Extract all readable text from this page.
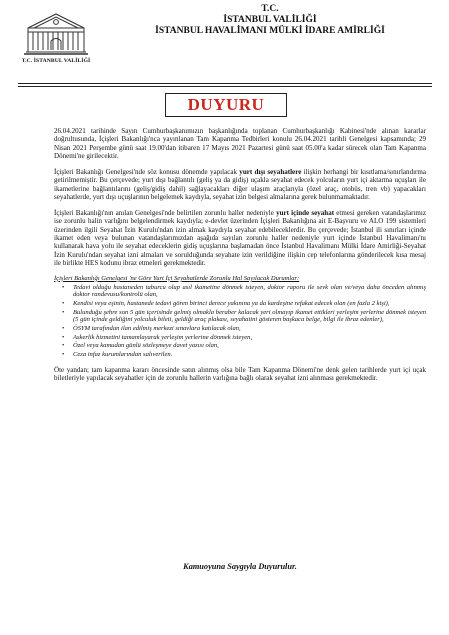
T.C. İSTANBUL VALİLİĞİ
T.C.
İSTANBUL VALİLİĞİ
İSTANBUL HAVALİMANI MÜLKİ İDARE AMİRLİĞİ
DUYURU

26.04.2021 tarihinde Sayın Cumhurbaşkanımızın başkanlığında toplanan Cumhurbaşkanlığı Kabinesi'nde alınan kararlar doğrultusunda, İçişleri Bakanlığı'nca yayınlanan Tam Kapanma Tedbirleri konulu 26.04.2021 tarihli Genelgesi kapsamında; 29 Nisan 2021 Perşembe günü saat 19.00'dan itibaren 17 Mayıs 2021 Pazartesi günü saat 05.00'a kadar sürecek olan Tam Kapanma Dönemi'ne girilecektir.

İçişleri Bakanlığı Genelgesi'nde söz konusu dönemde yapılacak yurt dışı seyahatlere ilişkin herhangi bir kısıtlama/sınırlandırma getirilmemiştir. Bu çerçevede; yurt dışı bağlantılı (geliş ya da gidiş) uçakla seyahat edecek yolcuların yurt içi aktarma uçuşları ile ikametlerine bağlantılarını (geliş/gidiş dahil) sağlayacakları diğer ulaşım araçlarıyla (özel araç, otobüs, tren vb) yapacakları seyahatlerde, yurt dışı uçuşlarının belgelemek kaydıyla, seyahat izin belgesi almalarına gerek bulunmamaktadır.

İçişleri Bakanlığı'nın anılan Genelgesi'nde belirtilen zorunlu haller nedeniyle yurt içinde seyahat etmesi gereken vatandaşlarımız ise zorunlu halin varlığını belgelendirmek kaydıyla; e-devlet üzerinden İçişleri Bakanlığına ait E-Başvuru ve ALO 199 sistemleri üzerinden ilgili Seyahat İzin Kurulu'ndan izin almak kaydıyla seyahat edebileceklerdir. Bu çerçevede; İstanbul ili sınırları içinde ikamet eden veya bulunan vatandaşlarımızdan aşağıda sayılan zorunlu haller nedeniyle yurt içinde İstanbul Havalimanı'nı kullanarak hava yolu ile seyahat edeceklerin gidiş uçuşlarına başlamadan önce İstanbul Havalimanı Mülki İdare Amirliği-Seyahat İzin Kurulu'ndan seyahat izni almaları ve sorulduğunda seyahate izin verildiğine ilişkin cep telefonlarına gönderilecek kısa mesaj ile birlikte HES kodunu ibraz etmeleri gerekmektedir.

İçişleri Bakanlığı Genelgesi 'ne Göre Yurt İçi Seyahatlerde Zorunlu Hal Sayılacak Durumlar:
• Tedavi olduğu hastaneden taburcu olup asıl ikametine dönmek isteyen, doktor raporu ile sevk olan ve/veya daha önceden alınmış doktor randevusu/kontrolü olan,
• Kendisi veya eşinin, hastanede tedavi gören birinci derece yakınına ya da kardeşine refakat edecek olan (en fazla 2 kişi),
• Bulunduğu şehre son 5 gün içerisinde gelmiş olmakla beraber kalacak yeri olmayıp ikamet ettikleri yerleşim yerlerine dönmek isteyen (5 gün içinde geldiğini yolculuk bileti, geldiği araç plakası, seyahatini gösteren başkaca belge, bilgi ile ibraz edenler),
• ÖSYM tarafından ilan edilmiş merkezi sınavlara katılacak olan,
• Askerlik hizmetini tamamlayarak yerleşim yerlerine dönmek isteyen,
• Özel veya kamudan günlü sözleşmeye davet yazısı olan,
• Ceza infaz kurumlarından salıverilen.

Öte yandan; tam kapanma kararı öncesinde satın alınmış olsa bile Tam Kapanma Dönemi'ne denk gelen tarihlerde yurt içi uçak biletleriyle yapılacak seyahatler için de zorunlu hallerin varlığına bağlı olarak seyahat izni alınması gerekmektedir.

Kamuoyuna Saygıyla Duyurulur.
